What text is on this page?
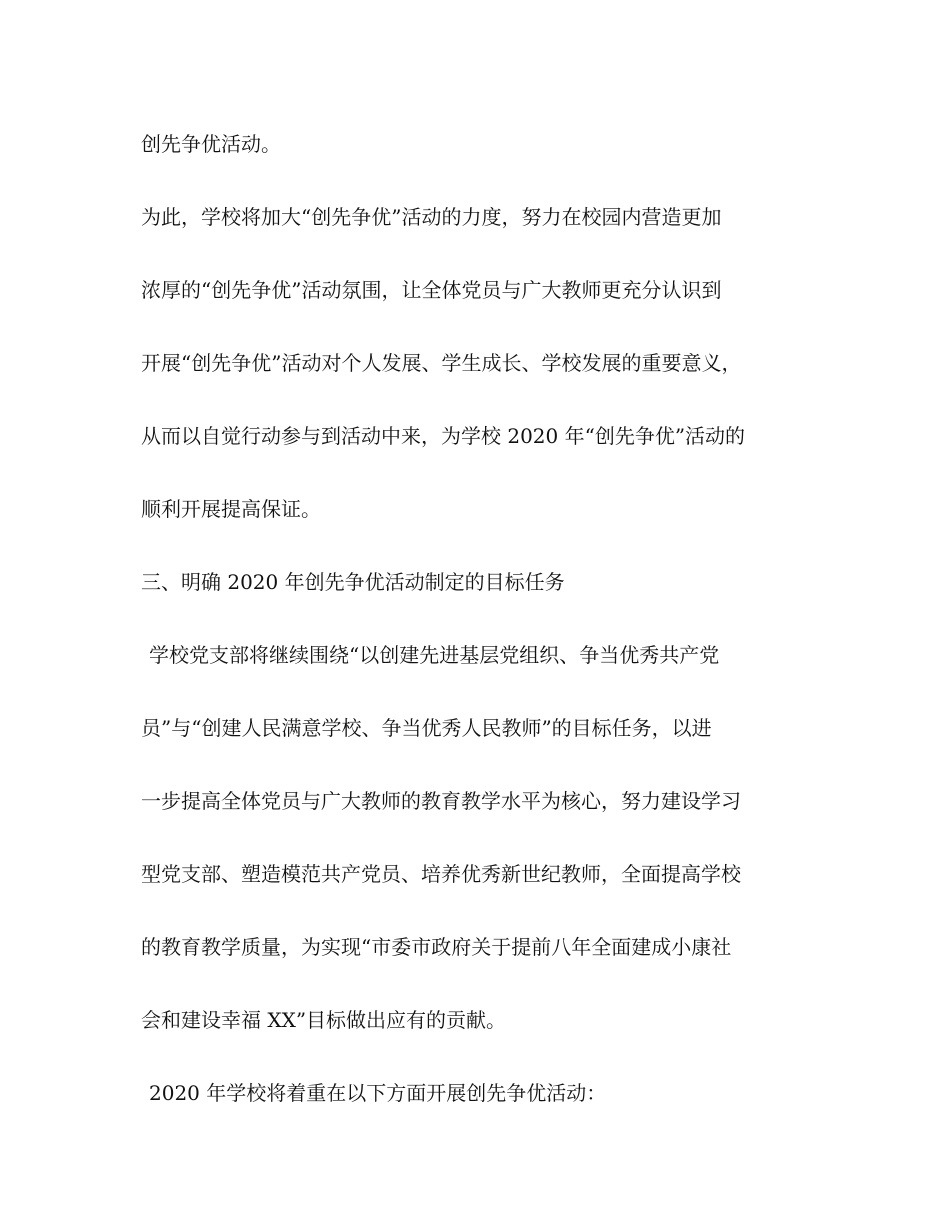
创先争优活动。
为此，学校将加大“创先争优”活动的力度，努力在校园内营造更加
浓厚的“创先争优”活动氛围，让全体党员与广大教师更充分认识到
开展“创先争优”活动对个人发展、学生成长、学校发展的重要意义，
从而以自觉行动参与到活动中来，为学校 2020 年“创先争优”活动的
顺利开展提高保证。
三、明确 2020 年创先争优活动制定的目标任务
学校党支部将继续围绕“以创建先进基层党组织、争当优秀共产党
员”与“创建人民满意学校、争当优秀人民教师”的目标任务，以进
一步提高全体党员与广大教师的教育教学水平为核心，努力建设学习
型党支部、塑造模范共产党员、培养优秀新世纪教师，全面提高学校
的教育教学质量，为实现“市委市政府关于提前八年全面建成小康社
会和建设幸福 XX”目标做出应有的贡献。
2020 年学校将着重在以下方面开展创先争优活动：
